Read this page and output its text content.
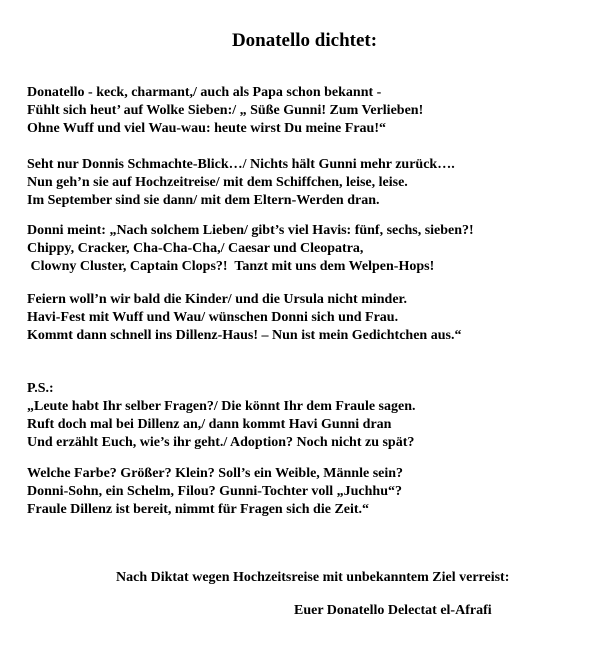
Donatello dichtet:
Donatello - keck, charmant,/ auch als Papa schon bekannt -
Fühlt sich heut’ auf Wolke Sieben:/ „ Süße Gunni! Zum Verlieben!
Ohne Wuff und viel Wau-wau: heute wirst Du meine Frau!“
Seht nur Donnis Schmachte-Blick…/ Nichts hält Gunni mehr zurück….
Nun geh’n sie auf Hochzeitreise/ mit dem Schiffchen, leise, leise.
Im September sind sie dann/ mit dem Eltern-Werden dran.
Donni meint: „Nach solchem Lieben/ gibt’s viel Havis: fünf, sechs, sieben?!
Chippy, Cracker, Cha-Cha-Cha,/ Caesar und Cleopatra,
Clowny Cluster, Captain Clops?!  Tanzt mit uns dem Welpen-Hops!
Feiern woll’n wir bald die Kinder/ und die Ursula nicht minder.
Havi-Fest mit Wuff und Wau/ wünschen Donni sich und Frau.
Kommt dann schnell ins Dillenz-Haus! – Nun ist mein Gedichtchen aus.“
P.S.:
„Leute habt Ihr selber Fragen?/ Die könnt Ihr dem Fraule sagen.
Ruft doch mal bei Dillenz an,/ dann kommt Havi Gunni dran
Und erzählt Euch, wie’s ihr geht./ Adoption? Noch nicht zu spät?
Welche Farbe? Größer? Klein? Soll’s ein Weible, Männle sein?
Donni-Sohn, ein Schelm, Filou? Gunni-Tochter voll „Juchhu“?
Fraule Dillenz ist bereit, nimmt für Fragen sich die Zeit.“
Nach Diktat wegen Hochzeitsreise mit unbekanntem Ziel verreist:
Euer Donatello Delectat el-Afrafi
